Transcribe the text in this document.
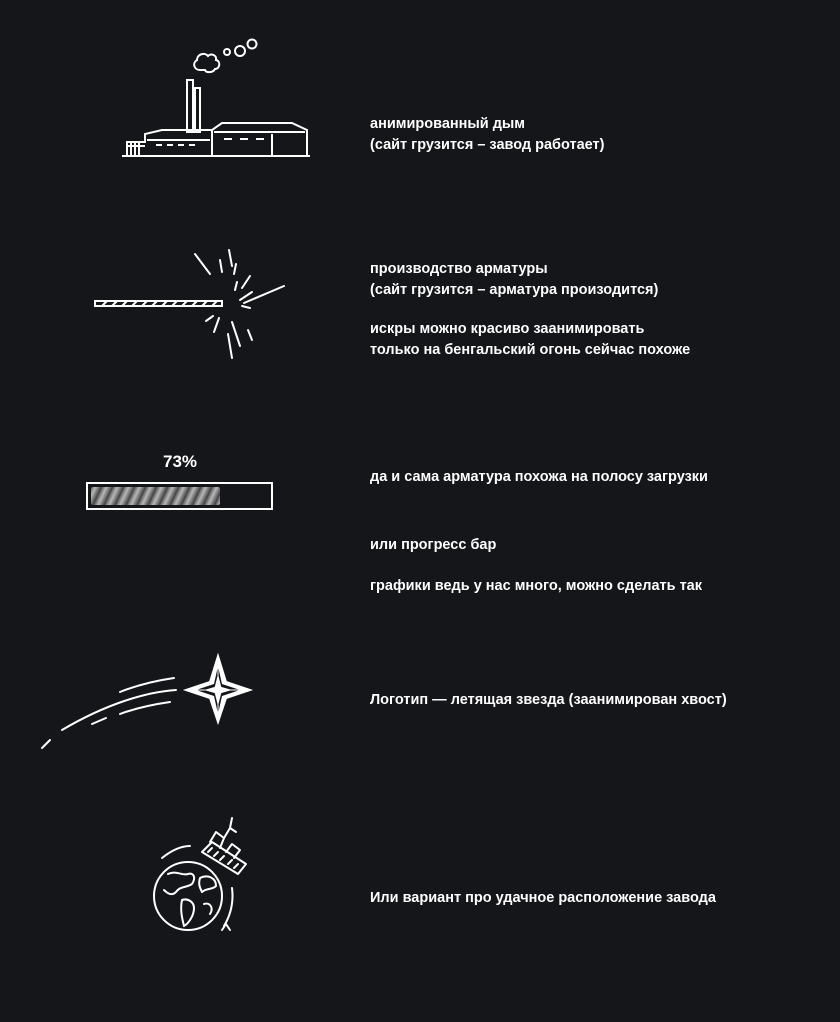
анимированный дым
(сайт грузится – завод работает)

производство арматуры
(сайт грузится – арматура произодится)

искры можно красиво заанимировать
только на бенгальский огонь сейчас похоже

73%

да и сама арматура похожа на полосу загрузки

или прогресс бар

графики ведь у нас много, можно сделать так

Логотип — летящая звезда (заанимирован хвост)

Или вариант про удачное расположение завода
